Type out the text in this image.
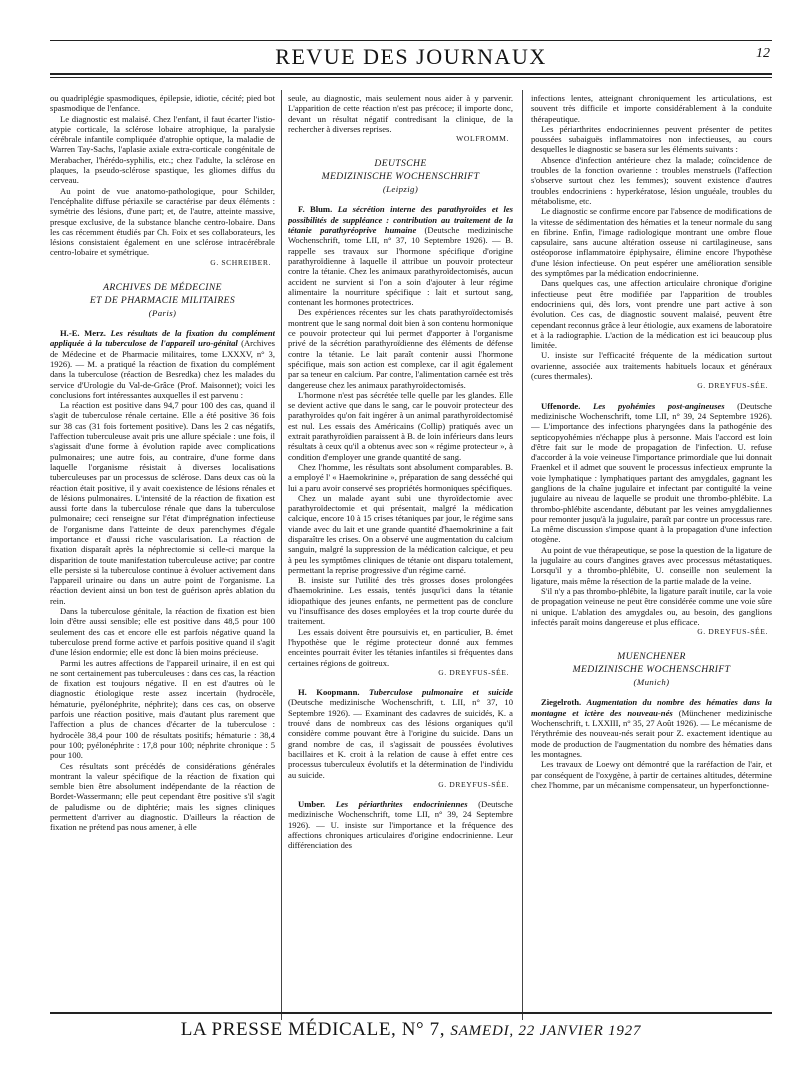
REVUE DES JOURNAUX	12

ou quadriplégie spasmodiques, épilepsie, idiotie, cécité; pied bot spasmodique de l'enfance.

Le diagnostic est malaisé. Chez l'enfant, il faut écarter l'istio-atypie corticale, la sclérose lobaire atrophique, la paralysie cérébrale infantile compliquée d'atrophie optique, la maladie de Warren Tay-Sachs, l'aplasie axiale extra-corticale congénitale de Merabacher, l'hérédo-syphilis, etc.; chez l'adulte, la sclérose en plaques, la pseudo-sclérose spastique, les gliomes diffus du cerveau.

Au point de vue anatomo-pathologique, pour Schilder, l'encéphalite diffuse périaxile se caractérise par deux éléments : symétrie des lésions, d'une part; et, de l'autre, atteinte massive, presque exclusive, de la substance blanche centro-lobaire. Dans les cas récemment étudiés par Ch. Foix et ses collaborateurs, les lésions consistaient également en une sclérose intracérébrale centro-lobaire et symétrique.

G. SCHREIBER.
ARCHIVES DE MÉDECINE
ET DE PHARMACIE MILITAIRES
(Paris)

H.-E. Merz. Les résultats de la fixation du complément appliquée à la tuberculose de l'appareil uro-génital (Archives de Médecine et de Pharmacie militaires, tome LXXXV, n° 3, 1926). — M. a pratiqué la réaction de fixation du complément dans la tuberculose (réaction de Besredka) chez les malades du service d'Urologie du Val-de-Grâce (Prof. Maisonnet); voici les conclusions fort intéressantes auxquelles il est parvenu :

La réaction est positive dans 94,7 pour 100 des cas, quand il s'agit de tuberculose rénale certaine. Elle a été positive 36 fois sur 38 cas (31 fois fortement positive). Dans les 2 cas négatifs, l'affection tuberculeuse avait pris une allure spéciale : une fois, il s'agissait d'une forme à évolution rapide avec complications pulmonaires; une autre fois, au contraire, d'une forme dans laquelle l'organisme résistait à diverses localisations tuberculeuses par un processus de sclérose. Dans deux cas où la réaction était positive, il y avait coexistence de lésions rénales et de lésions pulmonaires. L'intensité de la réaction de fixation est aussi forte dans la tuberculose rénale que dans la tuberculose pulmonaire; ceci renseigne sur l'état d'imprégnation infectieuse de l'organisme dans l'atteinte de deux parenchymes d'égale importance et d'aussi riche vascularisation. La réaction de fixation disparaît après la néphrectomie si celle-ci marque la disparition de toute manifestation tuberculeuse active; par contre elle persiste si la tuberculose continue à évoluer activement dans l'appareil urinaire ou dans un autre point de l'organisme. La réaction devient ainsi un bon test de guérison après ablation du rein.

Dans la tuberculose génitale, la réaction de fixation est bien loin d'être aussi sensible; elle est positive dans 48,5 pour 100 seulement des cas et encore elle est parfois négative quand la tuberculose prend forme active et parfois positive quand il s'agit d'une lésion endormie; elle est donc là bien moins précieuse.

Parmi les autres affections de l'appareil urinaire, il en est qui ne sont certainement pas tuberculeuses : dans ces cas, la réaction de fixation est toujours négative. Il en est d'autres où le diagnostic étiologique reste assez incertain (hydrocèle, hématurie, pyélonéphrite, néphrite); dans ces cas, on observe parfois une réaction positive, mais d'autant plus rarement que l'affection a plus de chances d'écarter de la tuberculose : hydrocèle 38,4 pour 100 de résultats positifs; hématurie : 38,4 pour 100; pyélonéphrite : 17,8 pour 100; néphrite chronique : 5 pour 100.

Ces résultats sont précédés de considérations générales montrant la valeur spécifique de la réaction de fixation qui semble bien être absolument indépendante de la réaction de Bordet-Wassermann; elle peut cependant être positive s'il s'agit de paludisme ou de diphtérie; mais les signes cliniques permettent d'arriver au diagnostic. D'ailleurs la réaction de fixation ne prétend pas nous amener, à elle

seule, au diagnostic, mais seulement nous aider à y parvenir. L'apparition de cette réaction n'est pas précoce; il importe donc, devant un résultat négatif contredisant la clinique, de la rechercher à diverses reprises.

WOLFROMM.
DEUTSCHE
MEDIZINISCHE WOCHENSCHRIFT
(Leipzig)

F. Blum. La sécrétion interne des parathyroïdes et les possibilités de suppléance : contribution au traitement de la tétanie parathyréoprive humaine (Deutsche medizinische Wochenschrift, tome LII, n° 37, 10 Septembre 1926). — B. rappelle ses travaux sur l'hormone spécifique d'origine parathyroïdienne à laquelle il attribue un pouvoir protecteur contre la tétanie. Chez les animaux parathyroïdectomisés, aucun accident ne survient si l'on a soin d'ajouter à leur régime alimentaire la nourriture spécifique : lait et surtout sang, contenant les hormones protectrices.

Des expériences récentes sur les chats parathyroïdectomisés montrent que le sang normal doit bien à son contenu hormonique ce pouvoir protecteur qui lui permet d'apporter à l'organisme privé de la sécrétion parathyroïdienne des éléments de défense contre la tétanie. Le lait paraît contenir aussi l'hormone spécifique, mais son action est complexe, car il agit également par sa teneur en calcium. Par contre, l'alimentation carnée est très dangereuse chez les animaux parathyroïdectomisés.

L'hormone n'est pas sécrétée telle quelle par les glandes. Elle se devient active que dans le sang, car le pouvoir protecteur des parathyroïdes qu'on fait ingérer à un animal parathyroïdectomisé est nul. Les essais des Américains (Collip) pratiqués avec un extrait parathyroïdien paraissent à B. de loin inférieurs dans leurs résultats à ceux qu'il a obtenus avec son « régime protecteur », à condition d'employer une grande quantité de sang.

Chez l'homme, les résultats sont absolument comparables. B. a employé l' « Haemokrinine », préparation de sang desséché qui lui a paru avoir conservé ses propriétés hormoniques spécifiques.

Chez un malade ayant subi une thyroïdectomie avec parathyroïdectomie et qui présentait, malgré la médication calcique, encore 10 à 15 crises tétaniques par jour, le régime sans viande avec du lait et une grande quantité d'haemokrinine a fait disparaître les crises. On a observé une augmentation du calcium sanguin, malgré la suppression de la médication calcique, et peu à peu les symptômes cliniques de tétanie ont disparu totalement, permettant la reprise progressive d'un régime carné.

B. insiste sur l'utilité des très grosses doses prolongées d'haemokrinine. Les essais, tentés jusqu'ici dans la tétanie idiopathique des jeunes enfants, ne permettent pas de conclure vu l'insuffisance des doses employées et la trop courte durée du traitement.

Les essais doivent être poursuivis et, en particulier, B. émet l'hypothèse que le régime protecteur donné aux femmes enceintes pourrait éviter les tétanies infantiles si fréquentes dans certaines régions de goitreux.

G. DREYFUS-SÉE.

H. Koopmann. Tuberculose pulmonaire et suicide (Deutsche medizinische Wochenschrift, t. LII, n° 37, 10 Septembre 1926). — Examinant des cadavres de suicidés, K. a trouvé dans de nombreux cas des lésions organiques qu'il considère comme pouvant être à l'origine du suicide. Dans un grand nombre de cas, il s'agissait de poussées évolutives bacillaires et K. croit à la relation de cause à effet entre ces processus tuberculeux évolutifs et la détermination de l'individu au suicide.

G. DREYFUS-SÉE.

Umber. Les périarthrites endocriniennes (Deutsche medizinische Wochenschrift, tome LII, n° 39, 24 Septembre 1926). — U. insiste sur l'importance et la fréquence des affections chroniques articulaires d'origine endocrinienne. Leur différenciation des

infections lentes, atteignant chroniquement les articulations, est souvent très difficile et importe considérablement à la conduite thérapeutique.

Les périarthrites endocriniennes peuvent présenter de petites poussées subaiguës inflammatoires non infectieuses, au cours desquelles le diagnostic se basera sur les éléments suivants :

Absence d'infection antérieure chez la malade; coïncidence de troubles de la fonction ovarienne : troubles menstruels (l'affection s'observe surtout chez les femmes); souvent existence d'autres troubles endocriniens : hyperkératose, lésion unguéale, troubles du métabolisme, etc.

Le diagnostic se confirme encore par l'absence de modifications de la vitesse de sédimentation des hématies et la teneur normale du sang en fibrine. Enfin, l'image radiologique montrant une ombre floue capsulaire, sans aucune altération osseuse ni cartilagineuse, sans ostéoporose inflammatoire épiphysaire, élimine encore l'hypothèse d'une lésion infectieuse. On peut espérer une amélioration sensible des symptômes par la médication endocrinienne.

Dans quelques cas, une affection articulaire chronique d'origine infectieuse peut être modifiée par l'apparition de troubles endocriniens qui, dès lors, vont prendre une part active à son évolution. Ces cas, de diagnostic souvent malaisé, peuvent être cependant reconnus grâce à leur étiologie, aux examens de laboratoire et à la radiographie. L'action de la médication est ici beaucoup plus limitée.

U. insiste sur l'efficacité fréquente de la médication surtout ovarienne, associée aux traitements habituels locaux et généraux (cures thermales).

G. DREYFUS-SÉE.

Uffenorde. Les pyohémies post-angineuses (Deutsche medizinische Wochenschrift, tome LII, n° 39, 24 Septembre 1926). — L'importance des infections pharyngées dans la pathogénie des septicopyohémies n'échappe plus à personne. Mais l'accord est loin d'être fait sur le mode de propagation de l'infection. U. refuse d'accorder à la voie veineuse l'importance primordiale que lui donnait Fraenkel et il admet que souvent le processus infectieux emprunte la voie lymphatique : lymphatiques partant des amygdales, gagnant les ganglions de la chaîne jugulaire et infectant par contiguïté la veine jugulaire au niveau de laquelle se produit une thrombo-phlébite. La thrombo-phlébite ascendante, débutant par les veines amygdaliennes pour remonter jusqu'à la jugulaire, paraît par contre un processus rare. La même discussion s'impose quant à la propagation d'une infection otogène.

Au point de vue thérapeutique, se pose la question de la ligature de la jugulaire au cours d'angines graves avec processus métastatiques. Lorsqu'il y a thrombo-phlébite, U. conseille non seulement la ligature, mais même la résection de la partie malade de la veine.

S'il n'y a pas thrombo-phlébite, la ligature paraît inutile, car la voie de propagation veineuse ne peut être considérée comme une voie sûre ni unique. L'ablation des amygdales ou, au besoin, des ganglions infectés paraît moins dangereuse et plus efficace.

G. DREYFUS-SÉE.
MUENCHENER
MEDIZINISCHE WOCHENSCHRIFT
(Munich)

Ziegelroth. Augmentation du nombre des hématies dans la montagne et ictère des nouveau-nés (Münchener medizinische Wochenschrift, t. LXXIII, n° 35, 27 Août 1926). — Le mécanisme de l'érythrémie des nouveau-nés serait pour Z. exactement identique au mode de production de l'augmentation du nombre des hématies dans les montagnes.

Les travaux de Loewy ont démontré que la raréfaction de l'air, et par conséquent de l'oxygène, à partir de certaines altitudes, détermine chez l'homme, par un mécanisme compensateur, un hyperfonctionne-

LA PRESSE MÉDICALE, N° 7, SAMEDI, 22 JANVIER 1927
